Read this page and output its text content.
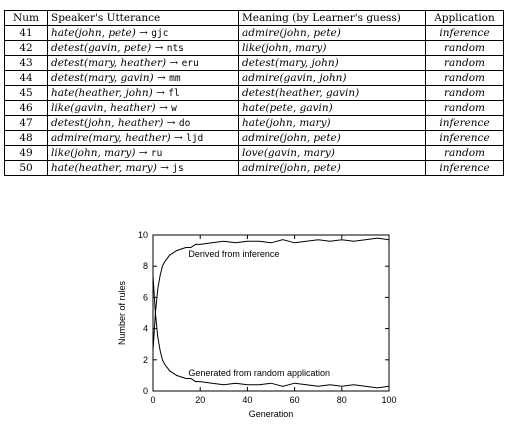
Num	Speaker's Utterance	Meaning (by Learner's guess)	Application
41	hate(john, pete) → gjc	admire(john, pete)	inference
42	detest(gavin, pete) → nts	like(john, mary)	random
43	detest(mary, heather) → eru	detest(mary, john)	random
44	detest(mary, gavin) → mm	admire(gavin, john)	random
45	hate(heather, john) → fl	detest(heather, gavin)	random
46	like(gavin, heather) → w	hate(pete, gavin)	random
47	detest(john, heather) → do	hate(john, mary)	inference
48	admire(mary, heather) → ljd	admire(john, pete)	inference
49	like(john, mary) → ru	love(gavin, mary)	random
50	hate(heather, mary) → js	admire(john, pete)	inference
0	20	40	60	80	100
0
2
4
6
8
10
Generation
Number of rules
Derived from inference
Generated from random application
